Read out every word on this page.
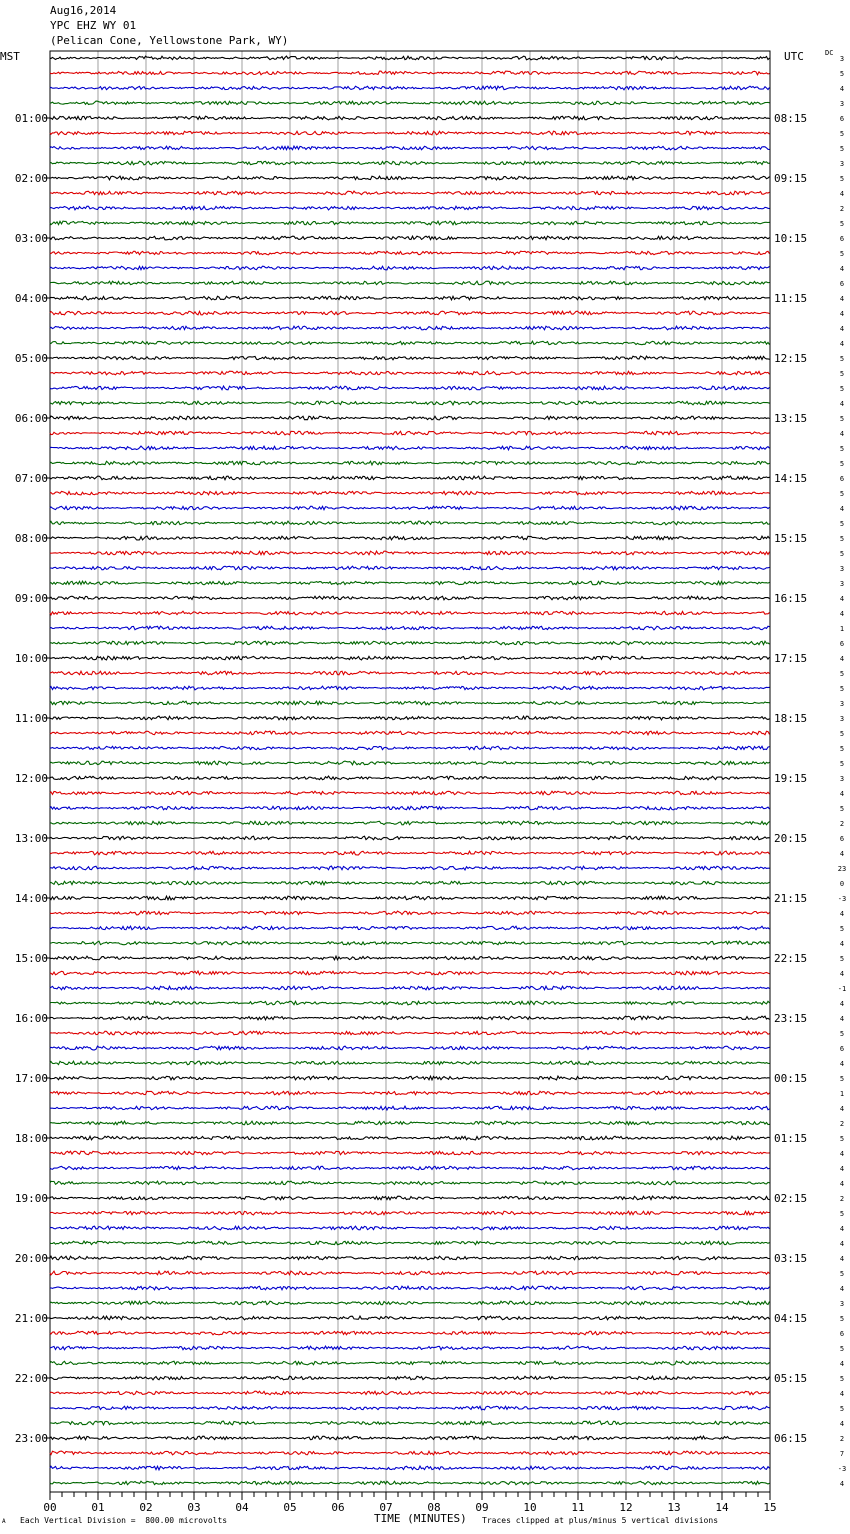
Aug16,2014
YPC EHZ WY 01
(Pelican Cone, Yellowstone Park, WY)
MST	UTC	DC
3
5
4
3
6
5
5
3
5
4
2
5
6
5
4
6
4
4
4
4
5
5
5
4
5
4
5
5
6
5
4
5
5
5
3
3
4
4
1
6
4
5
5
3
3
5
5
5
3
4
5
2
6
4
23
0
-3
4
5
4
5
4
-1
4
4
5
6
4
5
1
4
2
5
4
4
4
2
5
4
4
4
5
4
3
5
6
5
4
5
4
5
4
2
7
-3
4
01:00
02:00
03:00
04:00
05:00
06:00
07:00
08:00
09:00
10:00
11:00
12:00
13:00
14:00
15:00
16:00
17:00
18:00
19:00
20:00
21:00
22:00
23:00
08:15
09:15
10:15
11:15
12:15
13:15
14:15
15:15
16:15
17:15
18:15
19:15
20:15
21:15
22:15
23:15
00:15
01:15
02:15
03:15
04:15
05:15
06:15
00	01	02	03	04	05	06	07	08	09	10	11	12	13	14	15
A Each Vertical Division =  800.00 microvolts	TIME (MINUTES) Traces clipped at plus/minus 5 vertical divisions
